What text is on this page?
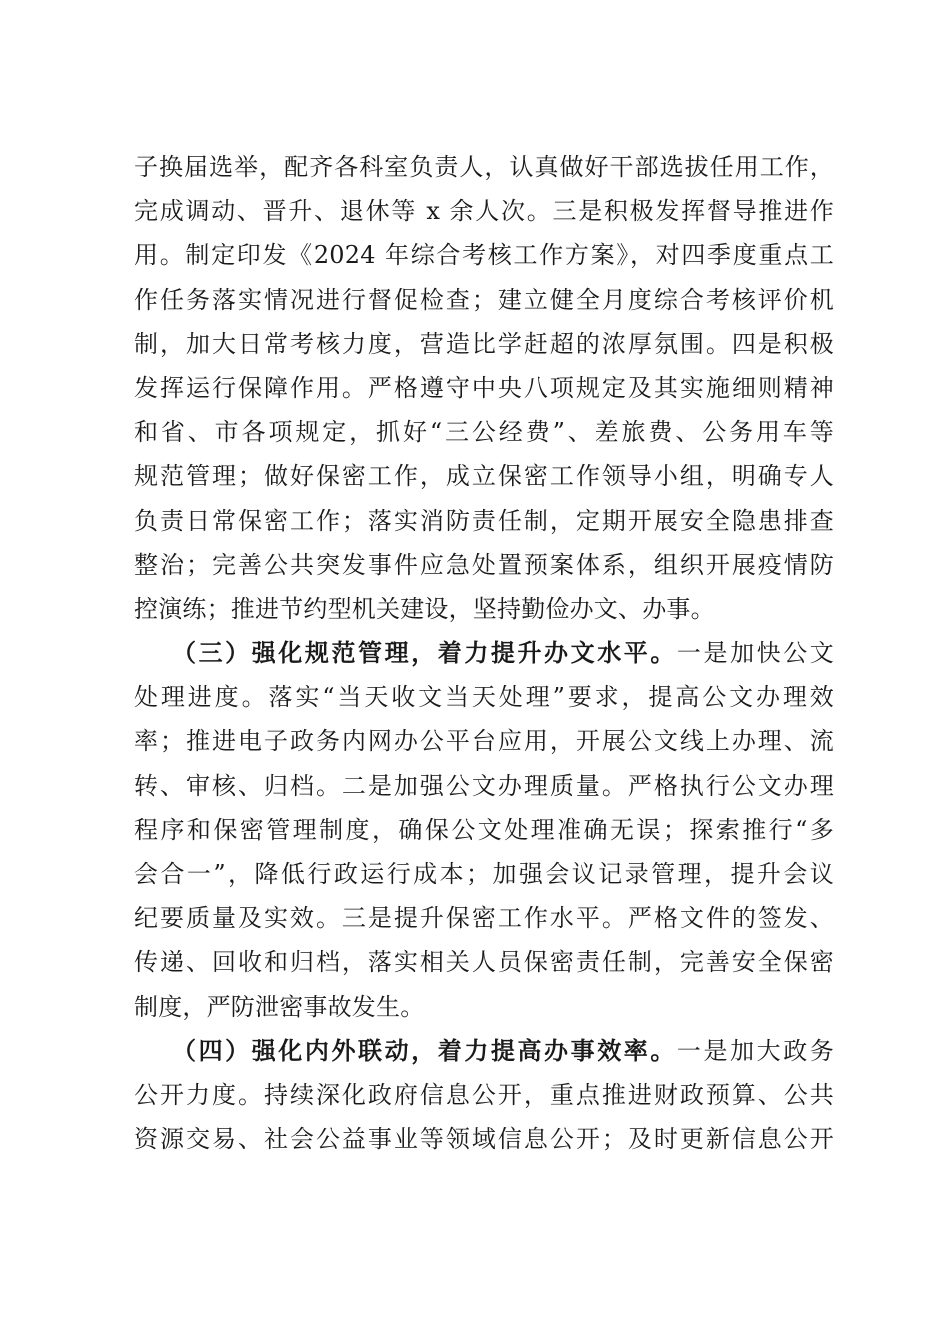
子换届选举，配齐各科室负责人，认真做好干部选拔任用工作，
完成调动、晋升、退休等 x 余人次。三是积极发挥督导推进作
用。制定印发《2024 年综合考核工作方案》，对四季度重点工
作任务落实情况进行督促检查；建立健全月度综合考核评价机
制，加大日常考核力度，营造比学赶超的浓厚氛围。四是积极
发挥运行保障作用。严格遵守中央八项规定及其实施细则精神
和省、市各项规定，抓好“三公经费”、差旅费、公务用车等
规范管理；做好保密工作，成立保密工作领导小组，明确专人
负责日常保密工作；落实消防责任制，定期开展安全隐患排查
整治；完善公共突发事件应急处置预案体系，组织开展疫情防
控演练；推进节约型机关建设，坚持勤俭办文、办事。
（三）强化规范管理，着力提升办文水平。一是加快公文
处理进度。落实“当天收文当天处理”要求，提高公文办理效
率；推进电子政务内网办公平台应用，开展公文线上办理、流
转、审核、归档。二是加强公文办理质量。严格执行公文办理
程序和保密管理制度，确保公文处理准确无误；探索推行“多
会合一”，降低行政运行成本；加强会议记录管理，提升会议
纪要质量及实效。三是提升保密工作水平。严格文件的签发、
传递、回收和归档，落实相关人员保密责任制，完善安全保密
制度，严防泄密事故发生。
（四）强化内外联动，着力提高办事效率。一是加大政务
公开力度。持续深化政府信息公开，重点推进财政预算、公共
资源交易、社会公益事业等领域信息公开；及时更新信息公开
